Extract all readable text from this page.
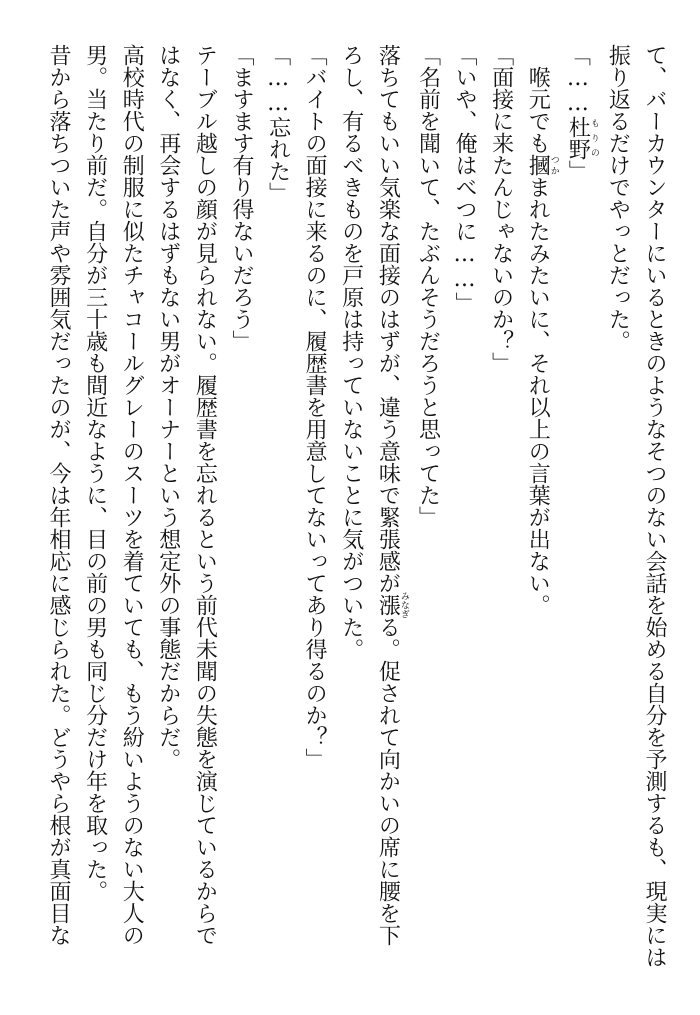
て、バーカウンターにいるときのようなそつのない会話を始める自分を予測するも、現実には
振り返るだけでやっとだった。
「……杜野もりの」
喉元でも摑つかまれたみたいに、それ以上の言葉が出ない。
「面接に来たんじゃないのか？」
「いや、俺はべつに……」
「名前を聞いて、たぶんそうだろうと思ってた」
落ちてもいい気楽な面接のはずが、違う意味で緊張感が漲みなぎる。促されて向かいの席に腰を下
ろし、有るべきものを戸原は持っていないことに気がついた。
「バイトの面接に来るのに、履歴書を用意してないってあり得るのか？」
「……忘れた」
「ますます有り得ないだろう」
テーブル越しの顔が見られない。履歴書を忘れるという前代未聞の失態を演じているからで
はなく、再会するはずもない男がオーナーという想定外の事態だからだ。
高校時代の制服に似たチャコールグレーのスーツを着ていても、もう紛いようのない大人の
男。当たり前だ。自分が三十歳も間近なように、目の前の男も同じ分だけ年を取った。
昔から落ちついた声や雰囲気だったのが、今は年相応に感じられた。どうやら根が真面目な
